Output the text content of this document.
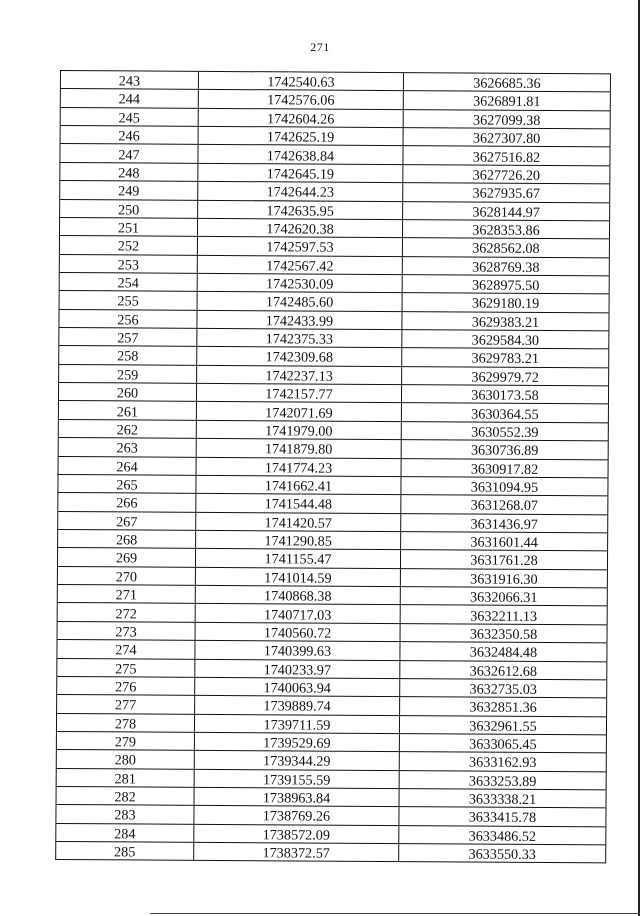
271
243	1742540.63	3626685.36
244	1742576.06	3626891.81
245	1742604.26	3627099.38
246	1742625.19	3627307.80
247	1742638.84	3627516.82
248	1742645.19	3627726.20
249	1742644.23	3627935.67
250	1742635.95	3628144.97
251	1742620.38	3628353.86
252	1742597.53	3628562.08
253	1742567.42	3628769.38
254	1742530.09	3628975.50
255	1742485.60	3629180.19
256	1742433.99	3629383.21
257	1742375.33	3629584.30
258	1742309.68	3629783.21
259	1742237.13	3629979.72
260	1742157.77	3630173.58
261	1742071.69	3630364.55
262	1741979.00	3630552.39
263	1741879.80	3630736.89
264	1741774.23	3630917.82
265	1741662.41	3631094.95
266	1741544.48	3631268.07
267	1741420.57	3631436.97
268	1741290.85	3631601.44
269	1741155.47	3631761.28
270	1741014.59	3631916.30
271	1740868.38	3632066.31
272	1740717.03	3632211.13
273	1740560.72	3632350.58
274	1740399.63	3632484.48
275	1740233.97	3632612.68
276	1740063.94	3632735.03
277	1739889.74	3632851.36
278	1739711.59	3632961.55
279	1739529.69	3633065.45
280	1739344.29	3633162.93
281	1739155.59	3633253.89
282	1738963.84	3633338.21
283	1738769.26	3633415.78
284	1738572.09	3633486.52
285	1738372.57	3633550.33
